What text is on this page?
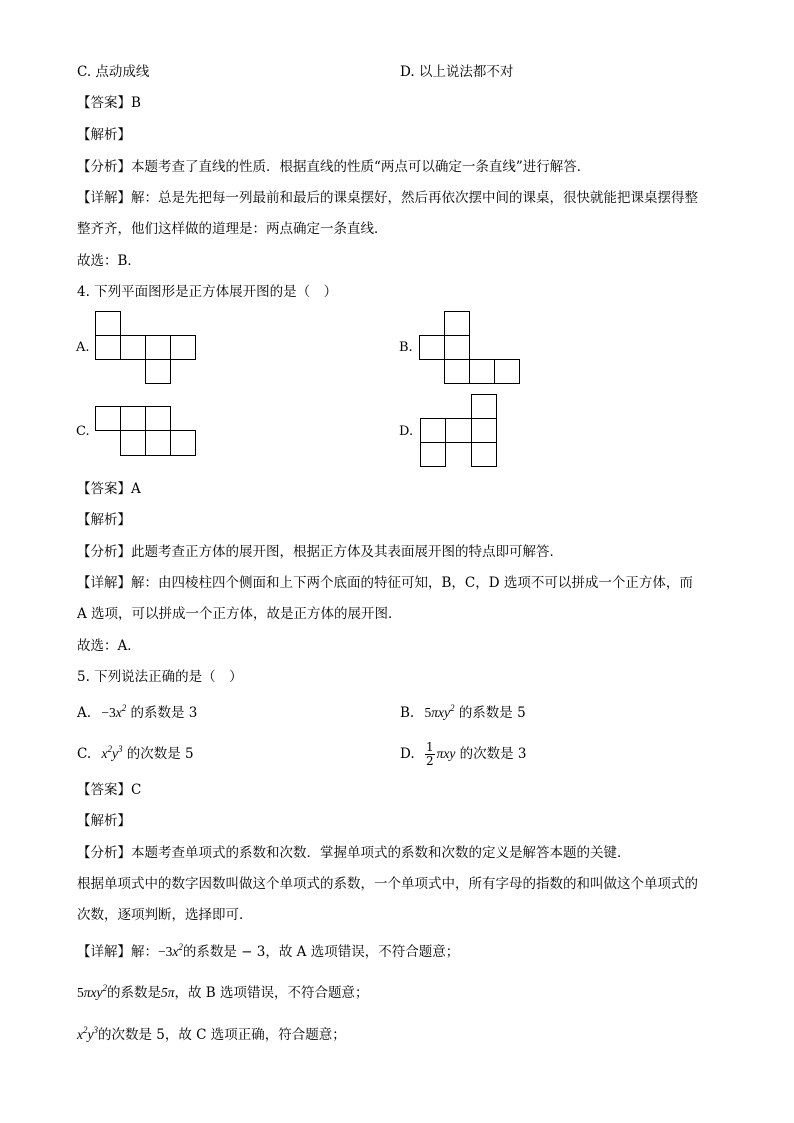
C. 点动成线	D. 以上说法都不对
【答案】B
【解析】
【分析】本题考查了直线的性质．根据直线的性质“两点可以确定一条直线”进行解答．
【详解】解：总是先把每一列最前和最后的课桌摆好，然后再依次摆中间的课桌，很快就能把课桌摆得整
整齐齐，他们这样做的道理是：两点确定一条直线．
故选：B．
4. 下列平面图形是正方体展开图的是（　）
A.	B.
C.	D.
【答案】A
【解析】
【分析】此题考查正方体的展开图，根据正方体及其表面展开图的特点即可解答．
【详解】解：由四棱柱四个侧面和上下两个底面的特征可知，B，C，D 选项不可以拼成一个正方体，而
A 选项，可以拼成一个正方体，故是正方体的展开图．
故选：A．
5. 下列说法正确的是（　）
A. $-3x^2$ 的系数是 3	B. 5πxy$^2$ 的系数是 5
C. $x^2y^3$ 的次数是 5	D. $\frac{1}{2}$ πxy 的次数是 3
【答案】C
【解析】
【分析】本题考查单项式的系数和次数．掌握单项式的系数和次数的定义是解答本题的关键．
根据单项式中的数字因数叫做这个单项式的系数，一个单项式中，所有字母的指数的和叫做这个单项式的
次数，逐项判断，选择即可．
【详解】解：$-3x^2$的系数是 − 3，故 A 选项错误，不符合题意；
5πxy$^2$的系数是5π，故 B 选项错误，不符合题意；
$x^2y^3$的次数是 5，故 C 选项正确，符合题意；
